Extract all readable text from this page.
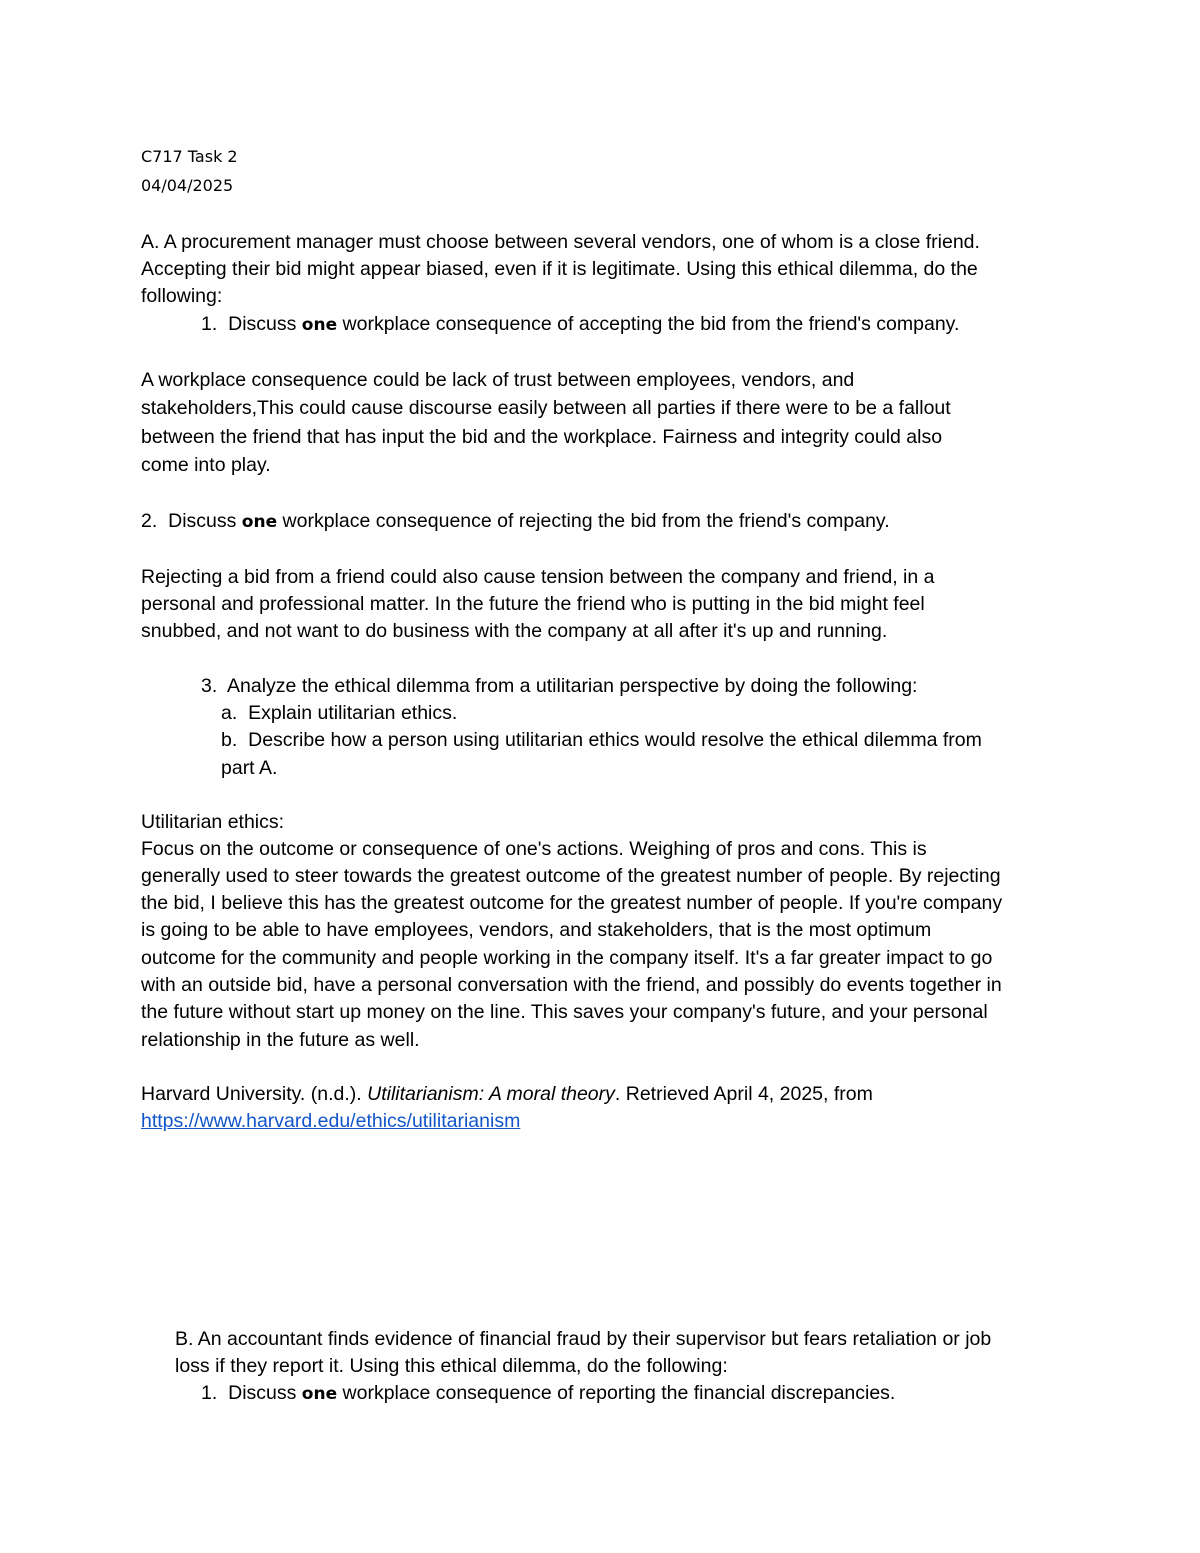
C717 Task 2
04/04/2025
A. A procurement manager must choose between several vendors, one of whom is a close friend.
Accepting their bid might appear biased, even if it is legitimate. Using this ethical dilemma, do the
following:
1. Discuss one workplace consequence of accepting the bid from the friend's company.
A workplace consequence could be lack of trust between employees, vendors, and
stakeholders,This could cause discourse easily between all parties if there were to be a fallout
between the friend that has input the bid and the workplace. Fairness and integrity could also
come into play.
2. Discuss one workplace consequence of rejecting the bid from the friend's company.
Rejecting a bid from a friend could also cause tension between the company and friend, in a
personal and professional matter. In the future the friend who is putting in the bid might feel
snubbed, and not want to do business with the company at all after it's up and running.
3. Analyze the ethical dilemma from a utilitarian perspective by doing the following:
a. Explain utilitarian ethics.
b. Describe how a person using utilitarian ethics would resolve the ethical dilemma from
part A.
Utilitarian ethics:
Focus on the outcome or consequence of one's actions. Weighing of pros and cons. This is
generally used to steer towards the greatest outcome of the greatest number of people. By rejecting
the bid, I believe this has the greatest outcome for the greatest number of people. If you're company
is going to be able to have employees, vendors, and stakeholders, that is the most optimum
outcome for the community and people working in the company itself. It's a far greater impact to go
with an outside bid, have a personal conversation with the friend, and possibly do events together in
the future without start up money on the line. This saves your company's future, and your personal
relationship in the future as well.
Harvard University. (n.d.). Utilitarianism: A moral theory. Retrieved April 4, 2025, from
https://www.harvard.edu/ethics/utilitarianism
B. An accountant finds evidence of financial fraud by their supervisor but fears retaliation or job
loss if they report it. Using this ethical dilemma, do the following:
1. Discuss one workplace consequence of reporting the financial discrepancies.
